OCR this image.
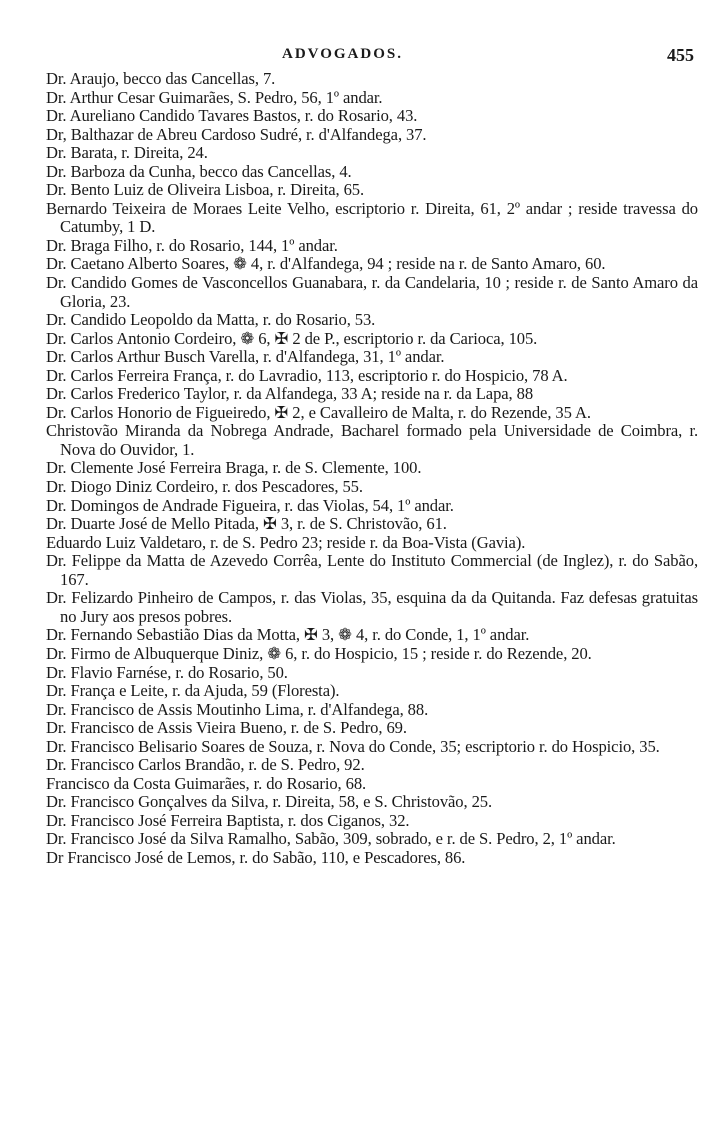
ADVOGADOS.	455

Dr. Araujo, becco das Cancellas, 7.

Dr. Arthur Cesar Guimarães, S. Pedro, 56, 1º andar.

Dr. Aureliano Candido Tavares Bastos, r. do Rosario, 43.

Dr, Balthazar de Abreu Cardoso Sudré, r. d'Alfandega, 37.

Dr. Barata, r. Direita, 24.

Dr. Barboza da Cunha, becco das Cancellas, 4.

Dr. Bento Luiz de Oliveira Lisboa, r. Direita, 65.

Bernardo Teixeira de Moraes Leite Velho, escriptorio r. Direita, 61, 2º andar ; reside travessa do Catumby, 1 D.

Dr. Braga Filho, r. do Rosario, 144, 1º andar.

Dr. Caetano Alberto Soares, ❁ 4, r. d'Alfandega, 94 ; reside na r. de Santo Amaro, 60.

Dr. Candido Gomes de Vasconcellos Guanabara, r. da Candelaria, 10 ; reside r. de Santo Amaro da Gloria, 23.

Dr. Candido Leopoldo da Matta, r. do Rosario, 53.

Dr. Carlos Antonio Cordeiro, ❁ 6, ✠ 2 de P., escriptorio r. da Carioca, 105.

Dr. Carlos Arthur Busch Varella, r. d'Alfandega, 31, 1º andar.

Dr. Carlos Ferreira França, r. do Lavradio, 113, escriptorio r. do Hospicio, 78 A.

Dr. Carlos Frederico Taylor, r. da Alfandega, 33 A; reside na r. da Lapa, 88

Dr. Carlos Honorio de Figueiredo, ✠ 2, e Cavalleiro de Malta, r. do Rezende, 35 A.

Christovão Miranda da Nobrega Andrade, Bacharel formado pela Universidade de Coimbra, r. Nova do Ouvidor, 1.

Dr. Clemente José Ferreira Braga, r. de S. Clemente, 100.

Dr. Diogo Diniz Cordeiro, r. dos Pescadores, 55.

Dr. Domingos de Andrade Figueira, r. das Violas, 54, 1º andar.

Dr. Duarte José de Mello Pitada, ✠ 3, r. de S. Christovão, 61.

Eduardo Luiz Valdetaro, r. de S. Pedro 23; reside r. da Boa-Vista (Gavia).

Dr. Felippe da Matta de Azevedo Corrêa, Lente do Instituto Commercial (de Inglez), r. do Sabão, 167.

Dr. Felizardo Pinheiro de Campos, r. das Violas, 35, esquina da da Quitanda. Faz defesas gratuitas no Jury aos presos pobres.

Dr. Fernando Sebastião Dias da Motta, ✠ 3, ❁ 4, r. do Conde, 1, 1º andar.

Dr. Firmo de Albuquerque Diniz, ❁ 6, r. do Hospicio, 15 ; reside r. do Rezende, 20.

Dr. Flavio Farnése, r. do Rosario, 50.

Dr. França e Leite, r. da Ajuda, 59 (Floresta).

Dr. Francisco de Assis Moutinho Lima, r. d'Alfandega, 88.

Dr. Francisco de Assis Vieira Bueno, r. de S. Pedro, 69.

Dr. Francisco Belisario Soares de Souza, r. Nova do Conde, 35; escriptorio r. do Hospicio, 35.

Dr. Francisco Carlos Brandão, r. de S. Pedro, 92.

Francisco da Costa Guimarães, r. do Rosario, 68.

Dr. Francisco Gonçalves da Silva, r. Direita, 58, e S. Christovão, 25.

Dr. Francisco José Ferreira Baptista, r. dos Ciganos, 32.

Dr. Francisco José da Silva Ramalho, Sabão, 309, sobrado, e r. de S. Pedro, 2, 1º andar.

Dr Francisco José de Lemos, r. do Sabão, 110, e Pescadores, 86.
